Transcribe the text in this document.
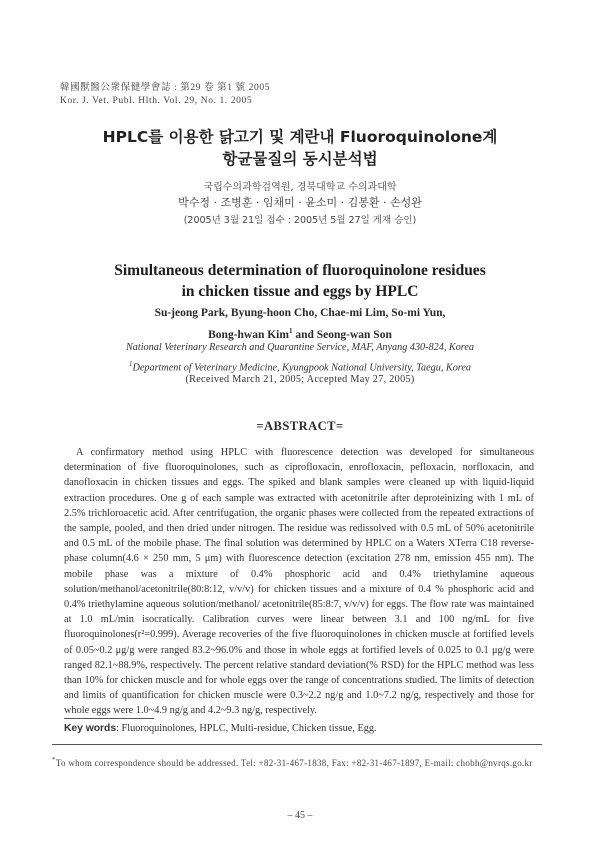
韓國獸醫公衆保健學會誌 : 第29 卷 第1 號 2005
Kor. J. Vet. Publ. Hlth. Vol. 29, No. 1. 2005
HPLC를 이용한 닭고기 및 계란내 Fluoroquinolone계
항균물질의 동시분석법
국립수의과학검역원, 경북대학교 수의과대학
박수정 · 조병훈 · 임채미 · 윤소미 · 김봉환 · 손성완
(2005년 3월 21일 접수 : 2005년 5월 27일 게재 승인)
Simultaneous determination of fluoroquinolone residues
in chicken tissue and eggs by HPLC
Su-jeong Park, Byung-hoon Cho, Chae-mi Lim, So-mi Yun,
Bong-hwan Kim$^1$ and Seong-wan Son
National Veterinary Research and Quarantine Service, MAF, Anyang 430-824, Korea
$^1$Department of Veterinary Medicine, Kyungpook National University, Taegu, Korea
(Received March 21, 2005; Accepted May 27, 2005)
=ABSTRACT=

A confirmatory method using HPLC with fluorescence detection was developed for simultaneous determination of five fluoroquinolones, such as ciprofloxacin, enrofloxacin, pefloxacin, norfloxacin, and danofloxacin in chicken tissues and eggs. The spiked and blank samples were cleaned up with liquid-liquid extraction procedures. One g of each sample was extracted with acetonitrile after deproteinizing with 1 mL of 2.5% trichloroacetic acid. After centrifugation, the organic phases were collected from the repeated extractions of the sample, pooled, and then dried under nitrogen. The residue was redissolved with 0.5 mL of 50% acetonitrile and 0.5 mL of the mobile phase. The final solution was determined by HPLC on a Waters XTerra C18 reverse-phase column(4.6 × 250 mm, 5 μm) with fluorescence detection (excitation 278 nm, emission 455 nm). The mobile phase was a mixture of 0.4% phosphoric acid and 0.4% triethylamine aqueous solution/methanol/acetonitrile(80:8:12, v/v/v) for chicken tissues and a mixture of 0.4 % phosphoric acid and 0.4% triethylamine aqueous solution/methanol/ acetonitrile(85:8:7, v/v/v) for eggs. The flow rate was maintained at 1.0 mL/min isocratically. Calibration curves were linear between 3.1 and 100 ng/mL for five fluoroquinolones(r²=0.999). Average recoveries of the five fluoroquinolones in chicken muscle at fortified levels of 0.05~0.2 μg/g were ranged 83.2~96.0% and those in whole eggs at fortified levels of 0.025 to 0.1 μg/g were ranged 82.1~88.9%, respectively. The percent relative standard deviation(% RSD) for the HPLC method was less than 10% for chicken muscle and for whole eggs over the range of concentrations studied. The limits of detection and limits of quantification for chicken muscle were 0.3~2.2 ng/g and 1.0~7.2 ng/g, respectively and those for whole eggs were 1.0~4.9 ng/g and 4.2~9.3 ng/g, respectively.

Key words: Fluoroquinolones, HPLC, Multi-residue, Chicken tissue, Egg.
*To whom correspondence should be addressed. Tel: +82-31-467-1838, Fax: +82-31-467-1897, E-mail: chobh@nvrqs.go.kr
– 45 –
